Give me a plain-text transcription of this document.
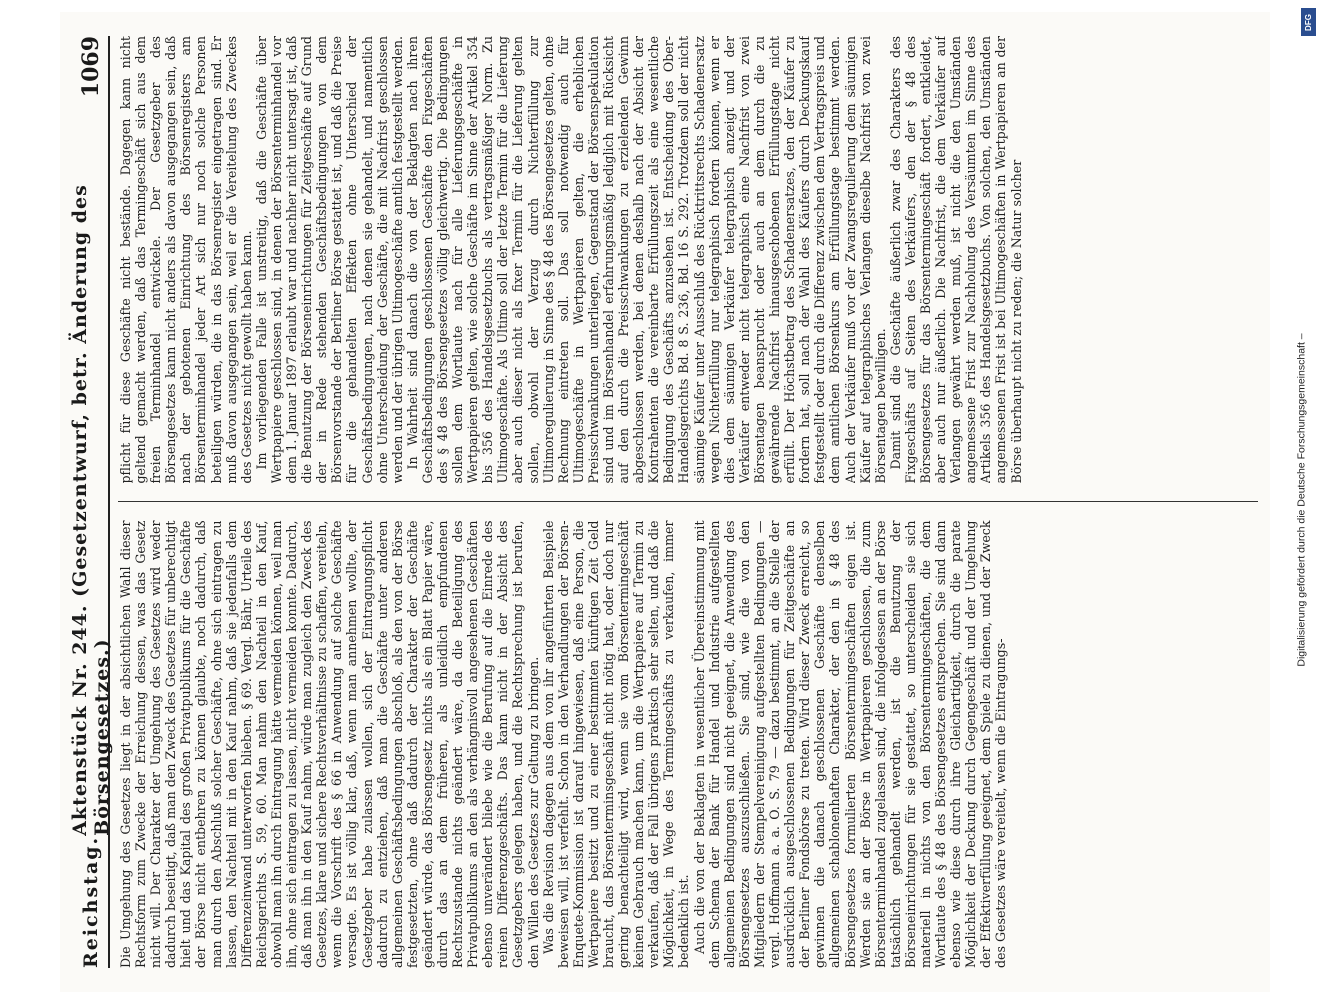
Reichstag.
Aktenstück Nr. 244. (Gesetzentwurf, betr. Änderung des Börsengesetzes.)
1069

Die Umgehung des Gesetzes liegt in der absichtlichen Wahl dieser Rechtsform zum Zwecke der Erreichung dessen, was das Gesetz nicht will. Der Charakter der Umgehung des Gesetzes wird weder dadurch beseitigt, daß man den Zweck des Gesetzes für unberechtigt hielt und das Kapital des großen Privatpublikums für die Geschäfte der Börse nicht entbehren zu können glaubte, noch dadurch, daß man durch den Abschluß solcher Geschäfte, ohne sich eintragen zu lassen, den Nachteil mit in den Kauf nahm, daß sie jedenfalls dem Differenzeinwand unterworfen blieben. § 69. Vergl. Bähr, Urteile des Reichsgerichts S. 59, 60. Man nahm den Nachteil in den Kauf, obwohl man ihn durch Eintragung hätte vermeiden können, weil man ihn, ohne sich eintragen zu lassen, nicht vermeiden konnte. Dadurch, daß man ihn in den Kauf nahm, würde man zugleich den Zweck des Gesetzes, klare und sichere Rechtsverhältnisse zu schaffen, vereiteln, wenn die Vorschrift des § 66 in Anwendung auf solche Geschäfte versagte. Es ist völlig klar, daß, wenn man annehmen wollte, der Gesetzgeber habe zulassen wollen, sich der Eintragungspflicht dadurch zu entziehen, daß man die Geschäfte unter anderen allgemeinen Geschäftsbedingungen abschloß, als den von der Börse festgesetzten, ohne daß dadurch der Charakter der Geschäfte geändert würde, das Börsengesetz nichts als ein Blatt Papier wäre, durch das an dem früheren, als unleidlich empfundenen Rechtszustande nichts geändert wäre, da die Beteiligung des Privatpublikums an den als verhängnisvoll angesehenen Geschäften ebenso unverändert bliebe wie die Berufung auf die Einrede des reinen Differenzgeschäfts. Das kann nicht in der Absicht des Gesetzgebers gelegen haben, und die Rechtsprechung ist berufen, den Willen des Gesetzes zur Geltung zu bringen. Was die Revision dagegen aus dem von ihr angeführten Beispiele beweisen will, ist verfehlt. Schon in den Verhandlungen der Börsen-Enquete-Kommission ist darauf hingewiesen, daß eine Person, die Wertpapiere besitzt und zu einer bestimmten künftigen Zeit Geld braucht, das Börsenterminsgeschäft nicht nötig hat, oder doch nur gering benachteiligt wird, wenn sie vom Börsentermingeschäft keinen Gebrauch machen kann, um die Wertpapiere auf Termin zu verkaufen, daß der Fall übrigens praktisch sehr selten, und daß die Möglichkeit, in Wege des Termingeschäfts zu verkaufen, immer bedenklich ist. Auch die von der Beklagten in wesentlicher Übereinstimmung mit dem Schema der Bank für Handel und Industrie aufgestellten allgemeinen Bedingungen sind nicht geeignet, die Anwendung des Börsengesetzes auszuschließen. Sie sind, wie die von den Mitgliedern der Stempelvereinigung aufgestellten Bedingungen — vergl. Hoffmann a. a. O. S. 79 — dazu bestimmt, an die Stelle der ausdrücklich ausgeschlossenen Bedingungen für Zeitgeschäfte an der Berliner Fondsbörse zu treten. Wird dieser Zweck erreicht, so gewinnen die danach geschlossenen Geschäfte denselben allgemeinen schablonenhaften Charakter, der den in § 48 des Börsengesetzes formulierten Börsentermingeschäften eigen ist. Werden sie an der Börse in Wertpapieren geschlossen, die zum Börsenterminhandel zugelassen sind, die infolgedessen an der Börse tatsächlich gehandelt werden, ist die Benutzung der Börseneinrichtungen für sie gestattet, so unterscheiden sie sich materiell in nichts von den Börsentermingeschäften, die dem Wortlaute des § 48 des Börsengesetzes entsprechen. Sie sind dann ebenso wie diese durch ihre Gleichartigkeit, durch die parate Möglichkeit der Deckung durch Gegengeschäft und der Umgehung der Effektiverfüllung geeignet, dem Spiele zu dienen, und der Zweck des Gesetzes wäre vereitelt, wenn die Eintragungs-

pflicht für diese Geschäfte nicht bestände. Dagegen kann nicht geltend gemacht werden, daß das Termingeschäft sich aus dem freien Terminhandel entwickele. Der Gesetzgeber des Börsengesetzes kann nicht anders als davon ausgegangen sein, daß nach der gebotenen Einrichtung des Börsenregisters am Börsenterminhandel jeder Art sich nur noch solche Personen beteiligen würden, die in das Börsenregister eingetragen sind. Er muß davon ausgegangen sein, weil er die Vereitelung des Zweckes des Gesetzes nicht gewollt haben kann. Im vorliegenden Falle ist unstreitig, daß die Geschäfte über Wertpapiere geschlossen sind, in denen der Börsenterminhandel vor dem 1. Januar 1897 erlaubt war und nachher nicht untersagt ist, daß die Benutzung der Börseneinrichtungen für Zeitgeschäfte auf Grund der in Rede stehenden Geschäftsbedingungen von dem Börsenvorstande der Berliner Börse gestattet ist, und daß die Preise für die gehandelten Effekten ohne Unterschied der Geschäftsbedingungen, nach denen sie gehandelt, und namentlich ohne Unterscheidung der Geschäfte, die mit Nachfrist geschlossen werden und der übrigen Ultimogeschäfte amtlich festgestellt werden. In Wahrheit sind danach die von der Beklagten nach ihren Geschäftsbedingungen geschlossenen Geschäfte den Fixgeschäften des § 48 des Börsengesetzes völlig gleichwertig. Die Bedingungen sollen dem Wortlaute nach für alle Lieferungsgeschäfte in Wertpapieren gelten, wie solche Geschäfte im Sinne der Artikel 354 bis 356 des Handelsgesetzbuchs als vertragsmäßiger Norm. Zu Ultimogeschäfte. Als Ultimo soll der letzte Termin für die Lieferung aber auch dieser nicht als fixer Termin für die Lieferung gelten sollen, obwohl der Verzug durch Nichterfüllung zur Ultimoregulierung in Sinne des § 48 des Börsengesetzes gelten, ohne Rechnung eintreten soll. Das soll notwendig auch für Ultimogeschäfte in Wertpapieren gelten, die erheblichen Preisschwankungen unterliegen, Gegenstand der Börsenspekulation sind und im Börsenhandel erfahrungsmäßig lediglich mit Rücksicht auf den durch die Preisschwankungen zu erzielenden Gewinn abgeschlossen werden, bei denen deshalb nach der Absicht der Kontrahenten die vereinbarte Erfüllungszeit als eine wesentliche Bedingung des Geschäfts anzusehen ist. Entscheidung des Ober-Handelsgerichts Bd. 8 S. 236, Bd. 16 S. 292. Trotzdem soll der nicht säumige Käufer unter Ausschluß des Rücktrittsrechts Schadenersatz wegen Nichterfüllung nur telegraphisch fordern können, wenn er dies dem säumigen Verkäufer telegraphisch anzeigt und der Verkäufer entweder nicht telegraphisch eine Nachfrist von zwei Börsentagen beansprucht oder auch an dem durch die zu gewährende Nachfrist hinausgeschobenen Erfüllungstage nicht erfüllt. Der Höchstbetrag des Schadenersatzes, den der Käufer zu fordern hat, soll nach der Wahl des Käufers durch Deckungskauf festgestellt oder durch die Differenz zwischen dem Vertragspreis und dem amtlichen Börsenkurs am Erfüllungstage bestimmt werden. Auch der Verkäufer muß vor der Zwangsregulierung dem säumigen Käufer auf telegraphisches Verlangen dieselbe Nachfrist von zwei Börsentagen bewilligen. Damit sind die Geschäfte äußerlich zwar des Charakters des Fixgeschäfts auf Seiten des Verkäufers, den der § 48 des Börsengesetzes für das Börsentermingeschäft fordert, entkleidet, aber auch nur äußerlich. Die Nachfrist, die dem Verkäufer auf Verlangen gewährt werden muß, ist nicht die den Umständen angemessene Frist zur Nachholung des Versäumten im Sinne des Artikels 356 des Handelsgesetzbuchs. Von solchen, den Umständen angemessenen Frist ist bei Ultimogeschäften in Wertpapieren an der Börse überhaupt nicht zu reden; die Natur solcher

DFG
Digitalisierung gefördert durch die Deutsche Forschungsgemeinschaft –
